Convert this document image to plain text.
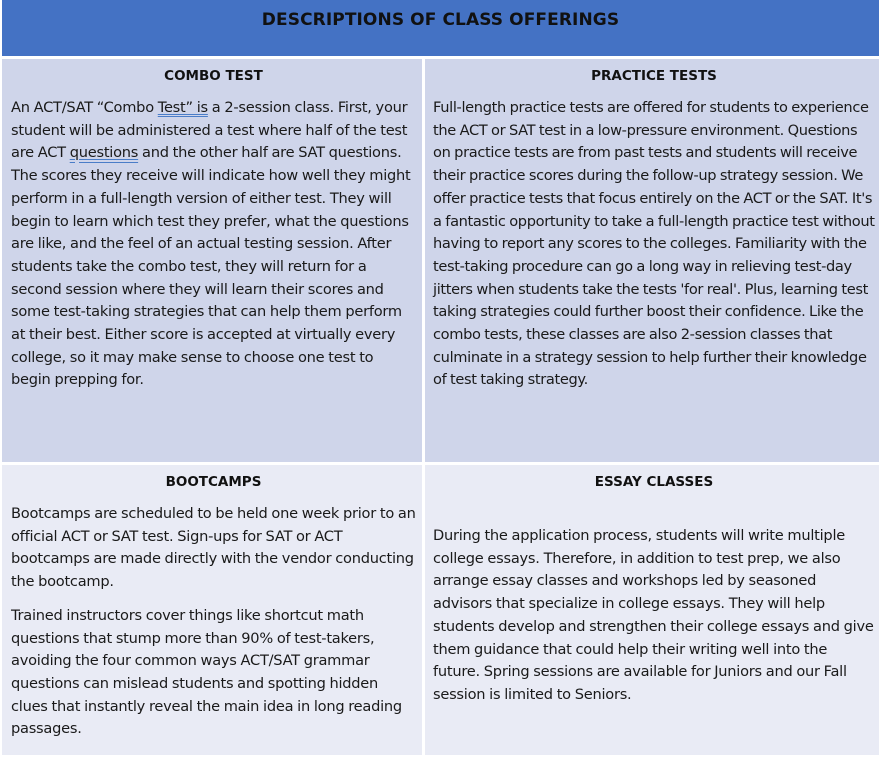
DESCRIPTIONS OF CLASS OFFERINGS
COMBO TEST

An ACT/SAT “Combo Test” is a 2-session class. First, your student will be administered a test where half of the test are ACT questions and the other half are SAT questions. The scores they receive will indicate how well they might perform in a full-length version of either test. They will begin to learn which test they prefer, what the questions are like, and the feel of an actual testing session. After students take the combo test, they will return for a second session where they will learn their scores and some test-taking strategies that can help them perform at their best. Either score is accepted at virtually every college, so it may make sense to choose one test to begin prepping for.

PRACTICE TESTS

Full-length practice tests are offered for students to experience the ACT or SAT test in a low-pressure environment. Questions on practice tests are from past tests and students will receive their practice scores during the follow-up strategy session. We offer practice tests that focus entirely on the ACT or the SAT. It's a fantastic opportunity to take a full-length practice test without having to report any scores to the colleges. Familiarity with the test-taking procedure can go a long way in relieving test-day jitters when students take the tests 'for real'. Plus, learning test taking strategies could further boost their confidence. Like the combo tests, these classes are also 2-session classes that culminate in a strategy session to help further their knowledge of test taking strategy.

BOOTCAMPS

Bootcamps are scheduled to be held one week prior to an official ACT or SAT test. Sign-ups for SAT or ACT bootcamps are made directly with the vendor conducting the bootcamp.

Trained instructors cover things like shortcut math questions that stump more than 90% of test-takers, avoiding the four common ways ACT/SAT grammar questions can mislead students and spotting hidden clues that instantly reveal the main idea in long reading passages.

ESSAY CLASSES

During the application process, students will write multiple college essays. Therefore, in addition to test prep, we also arrange essay classes and workshops led by seasoned advisors that specialize in college essays. They will help students develop and strengthen their college essays and give them guidance that could help their writing well into the future. Spring sessions are available for Juniors and our Fall session is limited to Seniors.
